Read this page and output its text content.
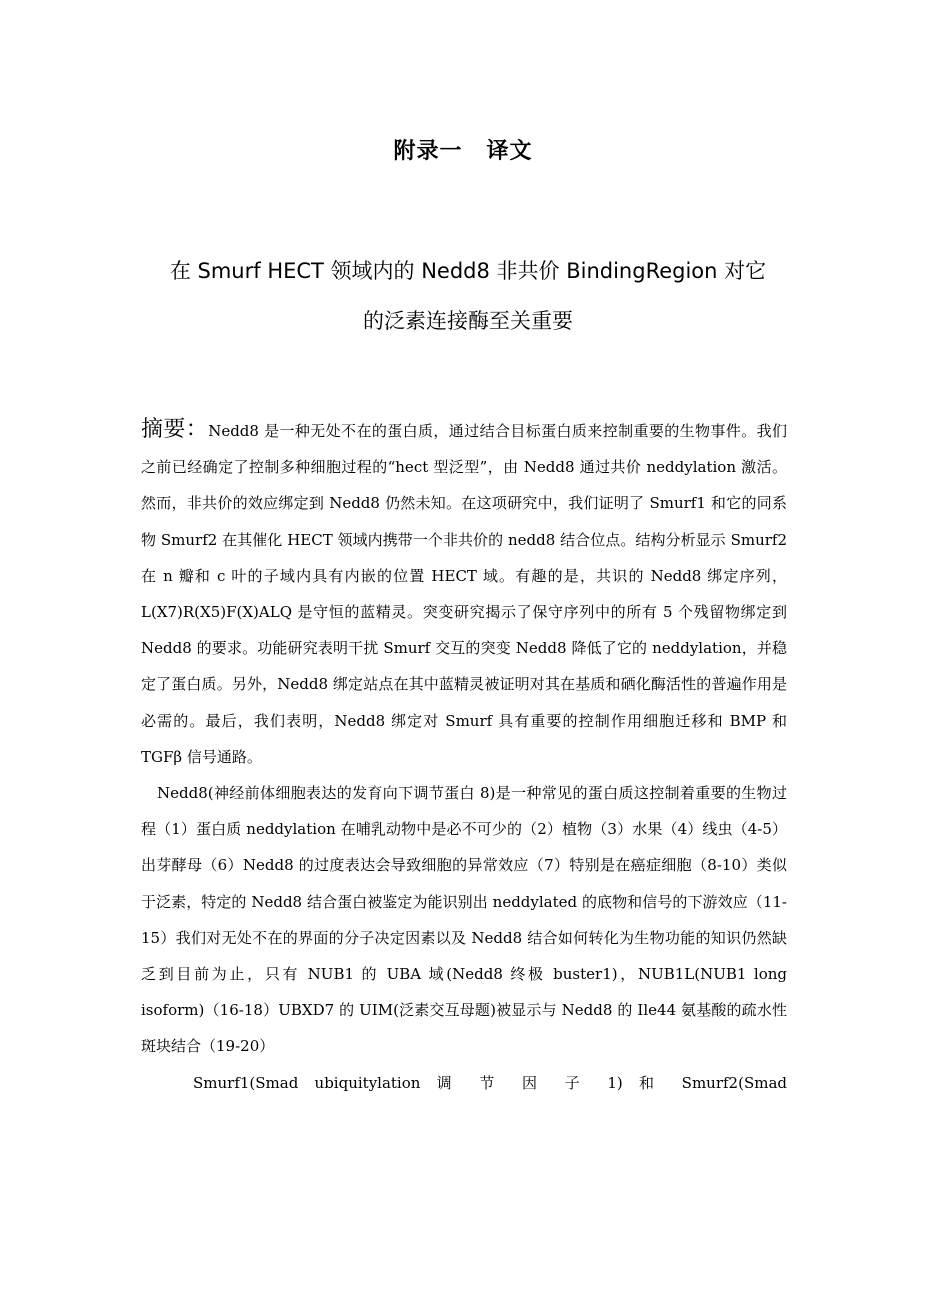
附录一 译文
在 Smurf HECT 领域内的 Nedd8 非共价 BindingRegion 对它
的泛素连接酶至关重要

摘要：Nedd8 是一种无处不在的蛋白质，通过结合目标蛋白质来控制重要的生物事件。我们之前已经确定了控制多种细胞过程的“hect 型泛型”，由 Nedd8 通过共价 neddylation 激活。然而，非共价的效应绑定到 Nedd8 仍然未知。在这项研究中，我们证明了 Smurf1 和它的同系物 Smurf2 在其催化 HECT 领域内携带一个非共价的 nedd8 结合位点。结构分析显示 Smurf2 在 n 瓣和 c 叶的子域内具有内嵌的位置 HECT 域。有趣的是，共识的 Nedd8 绑定序列，L(X7)R(X5)F(X)ALQ 是守恒的蓝精灵。突变研究揭示了保守序列中的所有 5 个残留物绑定到 Nedd8 的要求。功能研究表明干扰 Smurf 交互的突变 Nedd8 降低了它的 neddylation，并稳定了蛋白质。另外，Nedd8 绑定站点在其中蓝精灵被证明对其在基质和硒化酶活性的普遍作用是必需的。最后，我们表明，Nedd8 绑定对 Smurf 具有重要的控制作用细胞迁移和 BMP 和 TGFβ 信号通路。

Nedd8(神经前体细胞表达的发育向下调节蛋白 8)是一种常见的蛋白质这控制着重要的生物过程（1）蛋白质 neddylation 在哺乳动物中是必不可少的（2）植物（3）水果（4）线虫（4-5）出芽酵母（6）Nedd8 的过度表达会导致细胞的异常效应（7）特别是在癌症细胞（8-10）类似于泛素，特定的 Nedd8 结合蛋白被鉴定为能识别出 neddylated 的底物和信号的下游效应（11-15）我们对无处不在的界面的分子决定因素以及 Nedd8 结合如何转化为生物功能的知识仍然缺乏到目前为止，只有 NUB1 的 UBA 域(Nedd8 终极 buster1)，NUB1L(NUB1 long isoform)（16-18）UBXD7 的 UIM(泛素交互母题)被显示与 Nedd8 的 Ile44 氨基酸的疏水性斑块结合（19-20）

Smurf1(Smad ubiquitylation 调 节 因 子 1) 和 Smurf2(Smad
